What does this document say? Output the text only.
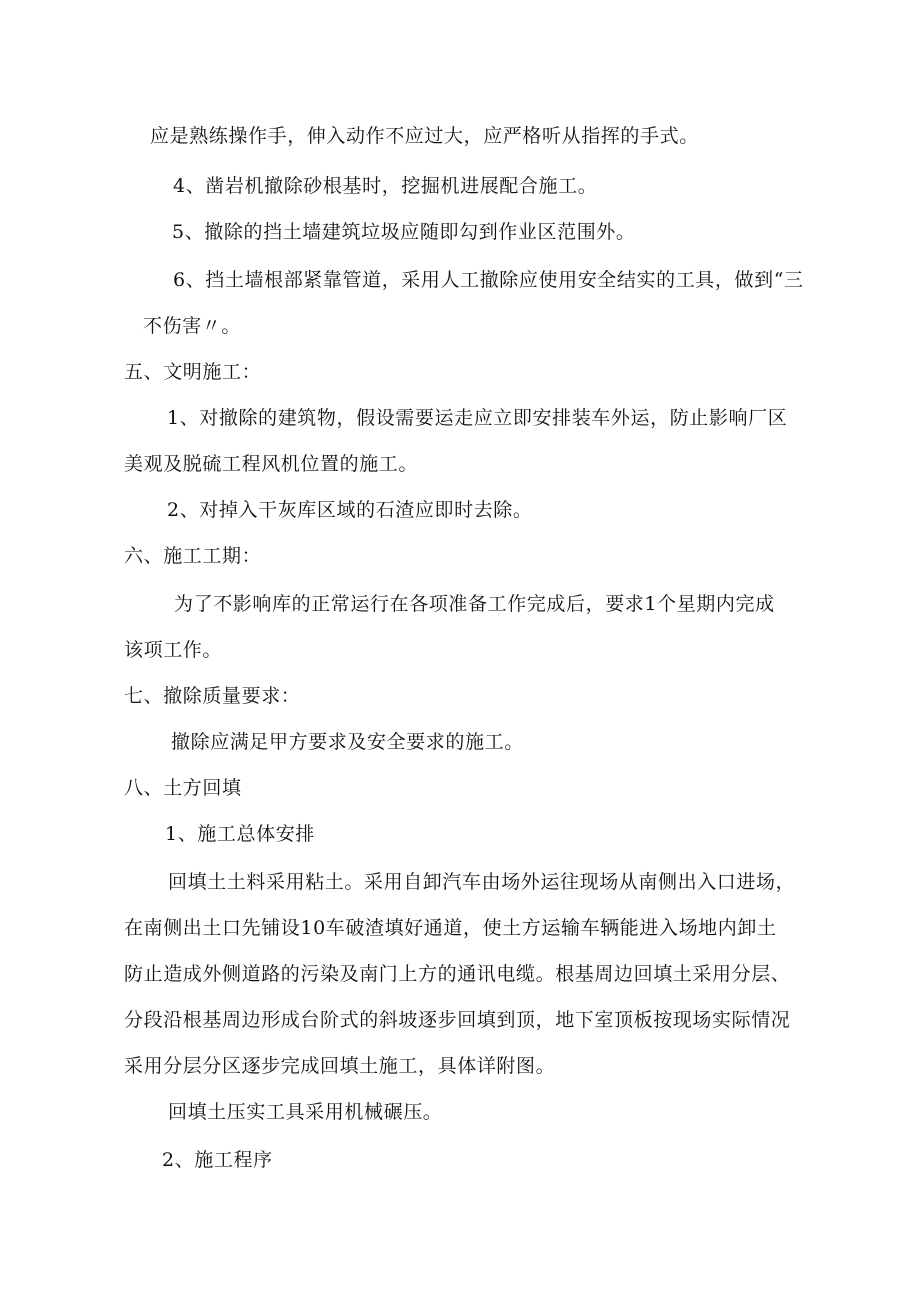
应是熟练操作手，伸入动作不应过大，应严格听从指挥的手式。
4、凿岩机撤除砂根基时，挖掘机进展配合施工。
5、撤除的挡土墙建筑垃圾应随即勾到作业区范围外。
6、挡土墙根部紧靠管道，采用人工撤除应使用安全结实的工具，做到“三
不伤害〃。
五、文明施工：
1、对撤除的建筑物，假设需要运走应立即安排装车外运，防止影响厂区
美观及脱硫工程风机位置的施工。
2、对掉入干灰库区域的石渣应即时去除。
六、施工工期：
为了不影响库的正常运行在各项准备工作完成后，要求1个星期内完成
该项工作。
七、撤除质量要求：
撤除应满足甲方要求及安全要求的施工。
八、土方回填
1、施工总体安排
回填土土料采用粘土。采用自卸汽车由场外运往现场从南侧出入口进场，
在南侧出土口先铺设10车破渣填好通道，使土方运输车辆能进入场地内卸土
防止造成外侧道路的污染及南门上方的通讯电缆。根基周边回填土采用分层、
分段沿根基周边形成台阶式的斜坡逐步回填到顶，地下室顶板按现场实际情况
采用分层分区逐步完成回填土施工，具体详附图。
回填土压实工具采用机械碾压。
2、施工程序
